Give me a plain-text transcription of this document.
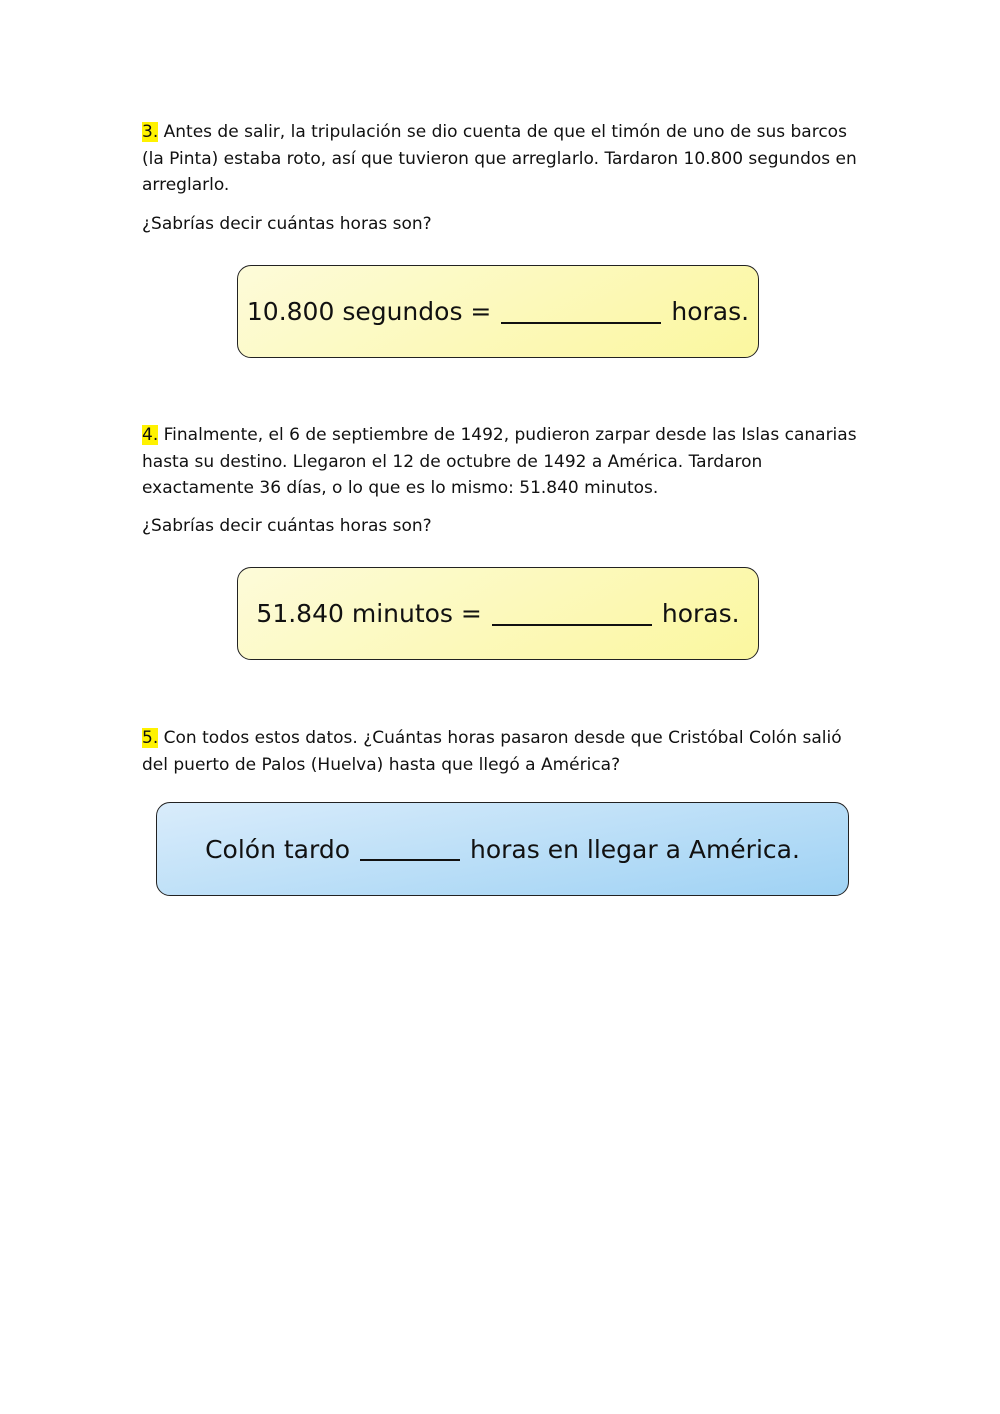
3. Antes de salir, la tripulación se dio cuenta de que el timón de uno de sus barcos (la Pinta) estaba roto, así que tuvieron que arreglarlo. Tardaron 10.800 segundos en arreglarlo.

¿Sabrías decir cuántas horas son?

10.800 segundos =	horas.

4. Finalmente, el 6 de septiembre de 1492, pudieron zarpar desde las Islas canarias hasta su destino. Llegaron el 12 de octubre de 1492 a América. Tardaron exactamente 36 días, o lo que es lo mismo: 51.840 minutos.

¿Sabrías decir cuántas horas son?

51.840 minutos =	horas.

5. Con todos estos datos. ¿Cuántas horas pasaron desde que Cristóbal Colón salió del puerto de Palos (Huelva) hasta que llegó a América?

Colón tardo	horas en llegar a América.
